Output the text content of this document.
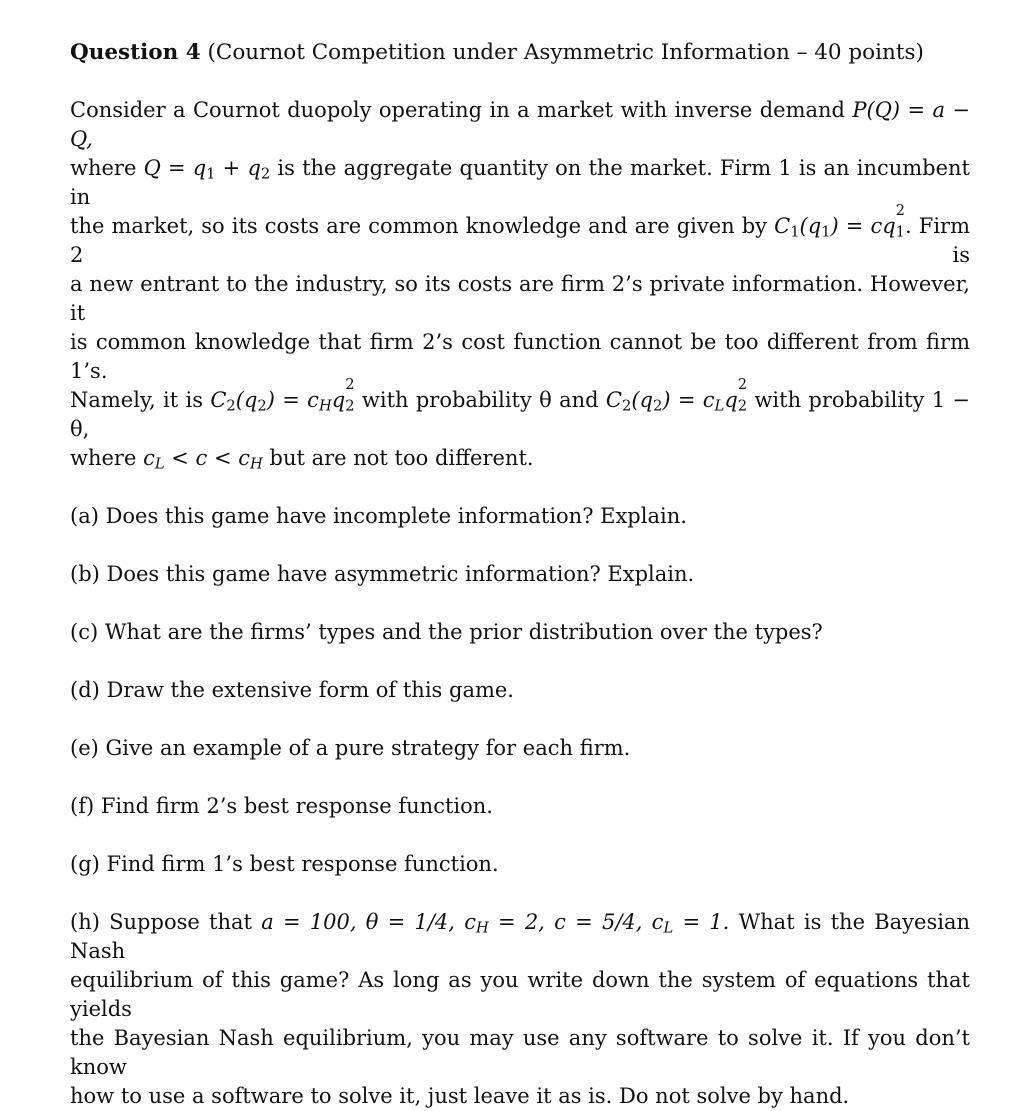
Question 4 (Cournot Competition under Asymmetric Information – 40 points)
Consider a Cournot duopoly operating in a market with inverse demand P(Q) = a − Q,
where $Q = q_1 + q_2$ is the aggregate quantity on the market. Firm 1 is an incumbent in
the market, so its costs are common knowledge and are given by $C_1(q_1)$ = cq
2
$_1$. Firm 2 is
a new entrant to the industry, so its costs are firm 2’s private information. However, it
is common knowledge that firm 2’s cost function cannot be too different from firm 1’s.
Namely, it is $C_2(q_2) = c_Hq$
2
$_2$ with probability θ and $C_2(q_2) = c_Lq$
2
$_2$ with probability 1 − θ,
where $c_L < c < c_H$ but are not too different.

(a) Does this game have incomplete information? Explain.

(b) Does this game have asymmetric information? Explain.

(c) What are the firms’ types and the prior distribution over the types?

(d) Draw the extensive form of this game.

(e) Give an example of a pure strategy for each firm.

(f) Find firm 2’s best response function.

(g) Find firm 1’s best response function.

(h) Suppose that a = 100, θ = 1/4, $c_H = 2$, c = 5/4, $c_L = 1$. What is the Bayesian Nash
equilibrium of this game? As long as you write down the system of equations that yields
the Bayesian Nash equilibrium, you may use any software to solve it. If you don’t know
how to use a software to solve it, just leave it as is. Do not solve by hand.
